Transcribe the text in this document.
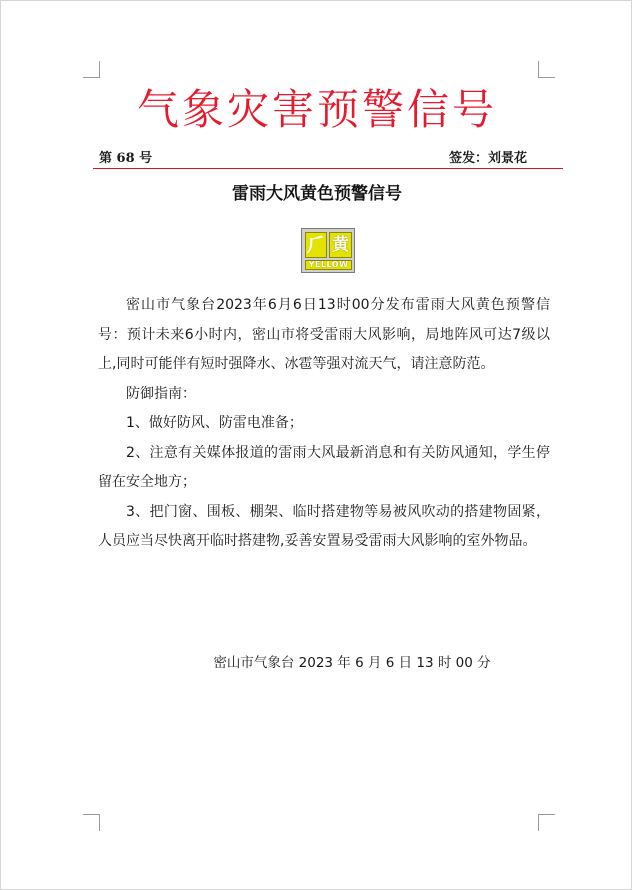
气象灾害预警信号
第 68 号	签发：刘景花
雷雨大风黄色预警信号
⺁ 黄
YELLOW

密山市气象台2023年6月6日13时00分发布雷雨大风黄色预警信号：预计未来6小时内，密山市将受雷雨大风影响，局地阵风可达7级以上,同时可能伴有短时强降水、冰雹等强对流天气，请注意防范。

防御指南：

1、做好防风、防雷电准备；

2、注意有关媒体报道的雷雨大风最新消息和有关防风通知，学生停留在安全地方；

3、把门窗、围板、棚架、临时搭建物等易被风吹动的搭建物固紧，人员应当尽快离开临时搭建物,妥善安置易受雷雨大风影响的室外物品。

密山市气象台 2023 年 6 月 6 日 13 时 00 分
